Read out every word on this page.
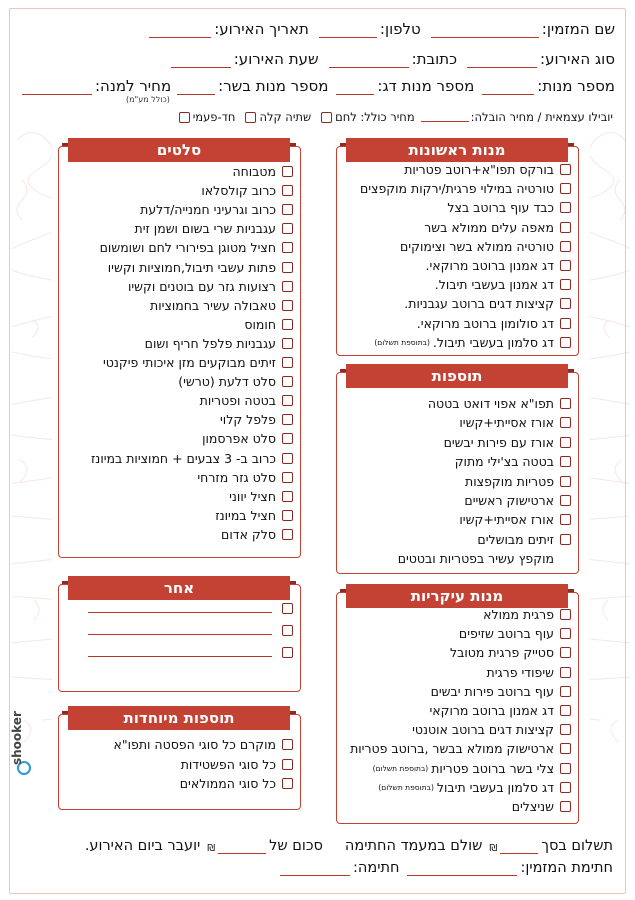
שם המזמין:
טלפון:
תאריך האירוע:
סוג האירוע:
כתובת:
שעת האירוע:
מספר מנות:
מספר מנות דג:
מספר מנות בשר:
מחיר למנה:
(כולל מע"מ)
יובילו עצמאית / מחיר הובלה:
מחיר כולל: לחם
שתיה קלה
חד-פעמי
מנות ראשונות
בורקס תפו"א+רוטב פטריות
טורטיה במילוי פרגית/ירקות מוקפצים
כבד עוף ברוטב בצל
מאפה עלים ממולא בשר
טורטיה ממולא בשר וצימוקים
דג אמנון ברוטב מרוקאי.
דג אמנון בעשבי תיבול.
קציצות דגים ברוטב עגבניות.
דג סולומון ברוטב מרוקאי.
דג סלמון בעשבי תיבול.
(בתוספת תשלום)
סלטים
מטבוחה
כרוב קולסלאו
כרוב וגרעיני חמנייה/דלעת
עגבניות שרי בשום ושמן זית
חציל מטוגן בפירורי לחם ושומשום
פתות עשבי תיבול,חמוציות וקשיו
רצועות גזר עם בוטנים וקשיו
טאבולה עשיר בחמוציות
חומוס
עגבניות פלפל חריף ושום
זיתים מבוקעים מזן איכותי פיקנטי
סלט דלעת (טרשי)
בטטה ופטריות
פלפל קלוי
סלט אפרסמון
כרוב ב- 3 צבעים + חמוציות במיונז
סלט גזר מזרחי
חציל יווני
חציל במיונז
סלק אדום
תוספות
תפו"א אפוי דואט בטטה
אורז אסייתי+קשיו
אורז עם פירות יבשים
בטטה בצ'ילי מתוק
פטריות מוקפצות
ארטישוק ראשיים
אורז אסייתי+קשיו
זיתים מבושלים
מוקפץ עשיר בפטריות ובטטים
אחר	מנות עיקריות
פרגית ממולא
עוף ברוטב שזיפים
סטייק פרגית מטובל
שיפודי פרגית
עוף ברוטב פירות יבשים
דג אמנון ברוטב מרוקאי
קציצות דגים ברוטב אוטנטי
ארטישוק ממולא בבשר ,ברוטב פטריות
צלי בשר ברוטב פטריות
(בתוספת תשלום)
דג סלמון בעשבי תיבול
(בתוספת תשלום)
שניצלים
תוספות מיוחדות
מוקרם כל סוגי הפסטה ותפו"א
כל סוגי הפשטידות
כל סוגי הממולאים
shooker
תשלום בסך
₪
שולם במעמד החתימה
סכום של
₪
יועבר ביום האירוע.
חתימת המזמין:
חתימה:
